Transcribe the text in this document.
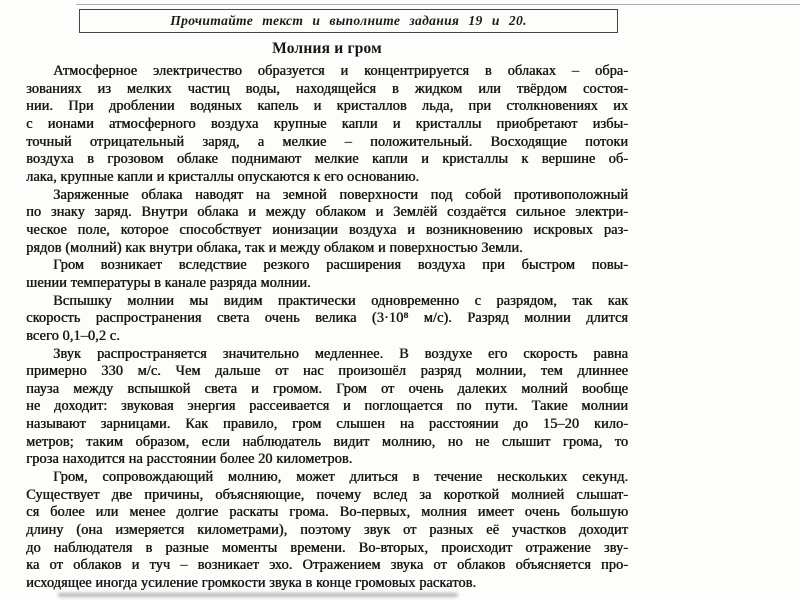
Прочитайте текст и выполните задания 19 и 20.
Молния и гром
Атмосферное электричество образуется и концентрируется в облаках – обра-
зованиях из мелких частиц воды, находящейся в жидком или твёрдом состоя-
нии. При дроблении водяных капель и кристаллов льда, при столкновениях их
с ионами атмосферного воздуха крупные капли и кристаллы приобретают избы-
точный отрицательный заряд, а мелкие – положительный. Восходящие потоки
воздуха в грозовом облаке поднимают мелкие капли и кристаллы к вершине об-
лака, крупные капли и кристаллы опускаются к его основанию.
Заряженные облака наводят на земной поверхности под собой противоположный
по знаку заряд. Внутри облака и между облаком и Землёй создаётся сильное электри-
ческое поле, которое способствует ионизации воздуха и возникновению искровых раз-
рядов (молний) как внутри облака, так и между облаком и поверхностью Земли.
Гром возникает вследствие резкого расширения воздуха при быстром повы-
шении температуры в канале разряда молнии.
Вспышку молнии мы видим практически одновременно с разрядом, так как
скорость распространения света очень велика (3·10⁸ м/с). Разряд молнии длится
всего 0,1–0,2 с.
Звук распространяется значительно медленнее. В воздухе его скорость равна
примерно 330 м/с. Чем дальше от нас произошёл разряд молнии, тем длиннее
пауза между вспышкой света и громом. Гром от очень далеких молний вообще
не доходит: звуковая энергия рассеивается и поглощается по пути. Такие молнии
называют зарницами. Как правило, гром слышен на расстоянии до 15–20 кило-
метров; таким образом, если наблюдатель видит молнию, но не слышит грома, то
гроза находится на расстоянии более 20 километров.
Гром, сопровождающий молнию, может длиться в течение нескольких секунд.
Существует две причины, объясняющие, почему вслед за короткой молнией слышат-
ся более или менее долгие раскаты грома. Во-первых, молния имеет очень большую
длину (она измеряется километрами), поэтому звук от разных её участков доходит
до наблюдателя в разные моменты времени. Во-вторых, происходит отражение зву-
ка от облаков и туч – возникает эхо. Отражением звука от облаков объясняется про-
исходящее иногда усиление громкости звука в конце громовых раскатов.
